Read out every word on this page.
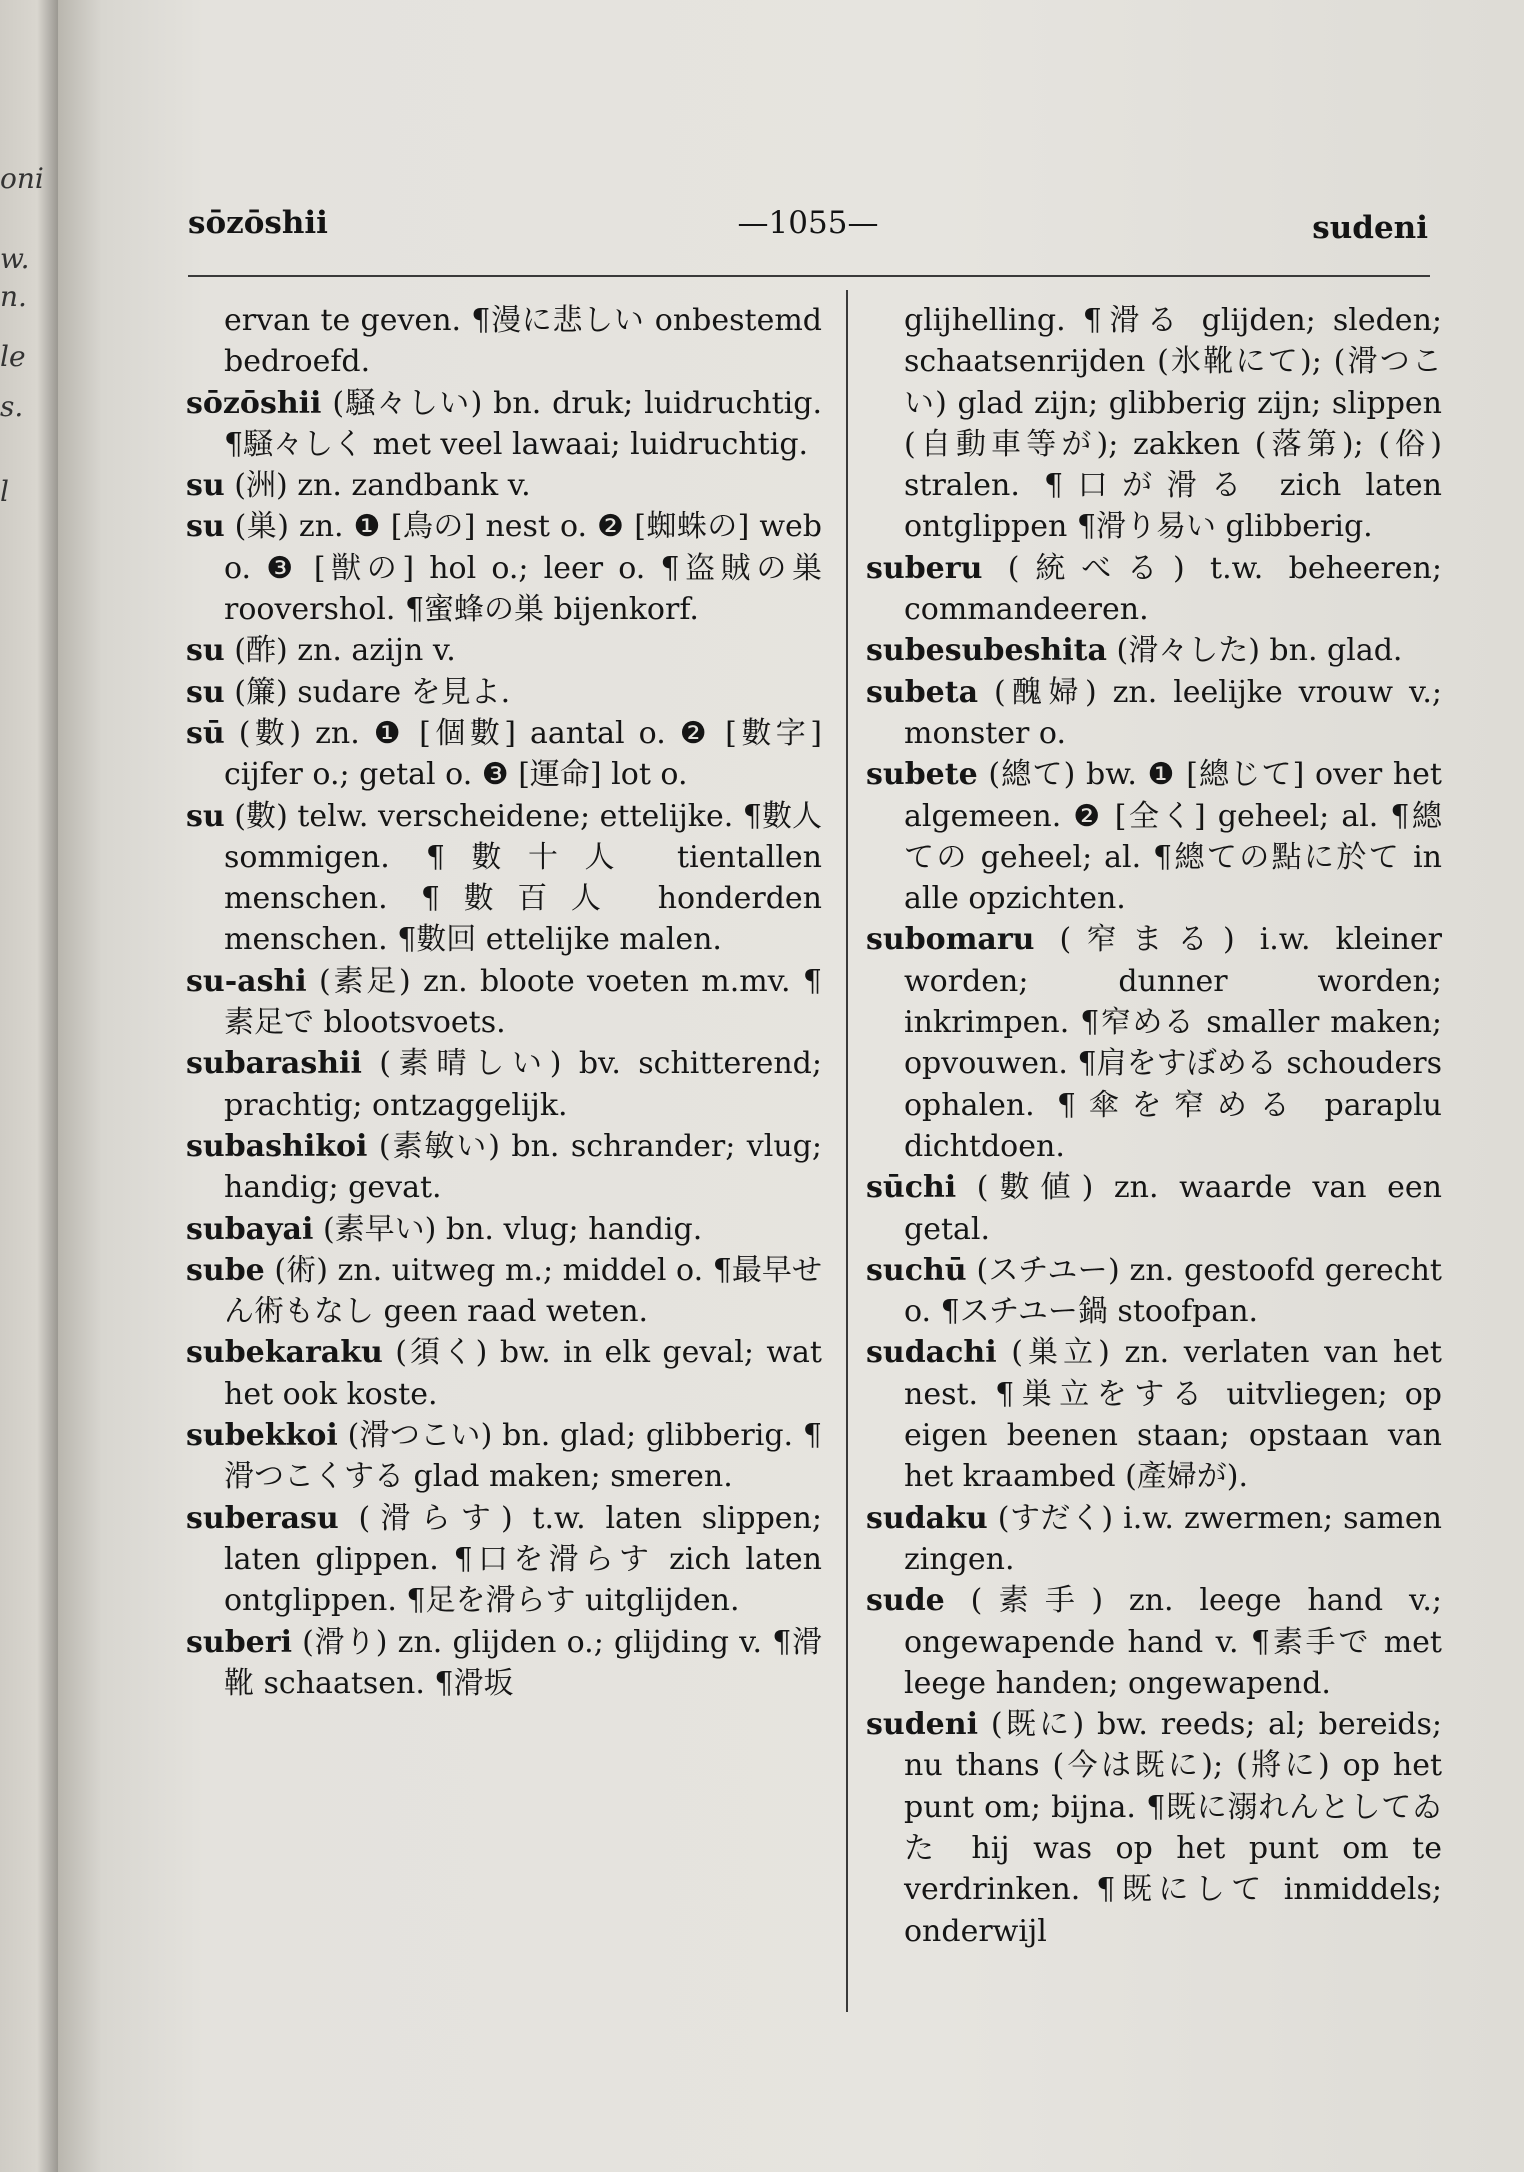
oni
w.
n.
le
s.
l
—1055—
sōzōshii	sudeni

ervan te geven. ¶漫に悲しい onbestemd bedroefd.

sōzōshii (騒々しい) bn. druk; luidruchtig. ¶騒々しく met veel lawaai; luidruchtig.

su (洲) zn. zandbank v.

su (巣) zn. ❶ [鳥の] nest o. ❷ [蜘蛛の] web o. ❸ [獣の] hol o.; leer o. ¶盗賊の巣 roovershol. ¶蜜蜂の巣 bijenkorf.

su (酢) zn. azijn v.

su (簾) sudare を見よ.

sū (數) zn. ❶ [個數] aantal o. ❷ [數字] cijfer o.; getal o. ❸ [運命] lot o.

su (數) telw. verscheidene; ettelijke. ¶數人 sommigen. ¶數十人 tientallen menschen. ¶數百人 honderden menschen. ¶數回 ettelijke malen.

su-ashi (素足) zn. bloote voeten m.mv. ¶素足で blootsvoets.

subarashii (素晴しい) bv. schitterend; prachtig; ontzaggelijk.

subashikoi (素敏い) bn. schrander; vlug; handig; gevat.

subayai (素早い) bn. vlug; handig.

sube (術) zn. uitweg m.; middel o. ¶最早せん術もなし geen raad weten.

subekaraku (須く) bw. in elk geval; wat het ook koste.

subekkoi (滑つこい) bn. glad; glibberig. ¶滑つこくする glad maken; smeren.

suberasu (滑らす) t.w. laten slippen; laten glippen. ¶口を滑らす zich laten ontglippen. ¶足を滑らす uitglijden.

suberi (滑り) zn. glijden o.; glijding v. ¶滑靴 schaatsen. ¶滑坂

glijhelling. ¶滑る glijden; sleden; schaatsenrijden (氷靴にて); (滑つこい) glad zijn; glibberig zijn; slippen (自動車等が); zakken (落第); (俗) stralen. ¶口が滑る zich laten ontglippen ¶滑り易い glibberig.

suberu (統べる) t.w. beheeren; commandeeren.

subesubeshita (滑々した) bn. glad.

subeta (醜婦) zn. leelijke vrouw v.; monster o.

subete (總て) bw. ❶ [總じて] over het algemeen. ❷ [全く] geheel; al. ¶總ての geheel; al. ¶總ての點に於て in alle opzichten.

subomaru (窄まる) i.w. kleiner worden; dunner worden; inkrimpen. ¶窄める smaller maken; opvouwen. ¶肩をすぼめる schouders ophalen. ¶傘を窄める paraplu dichtdoen.

sūchi (數値) zn. waarde van een getal.

suchū (スチユー) zn. gestoofd gerecht o. ¶スチユー鍋 stoofpan.

sudachi (巣立) zn. verlaten van het nest. ¶巣立をする uitvliegen; op eigen beenen staan; opstaan van het kraambed (產婦が).

sudaku (すだく) i.w. zwermen; samen zingen.

sude (素手) zn. leege hand v.; ongewapende hand v. ¶素手で met leege handen; ongewapend.

sudeni (既に) bw. reeds; al; bereids; nu thans (今は既に); (將に) op het punt om; bijna. ¶既に溺れんとしてゐた hij was op het punt om te verdrinken. ¶既にして inmiddels; onderwijl
